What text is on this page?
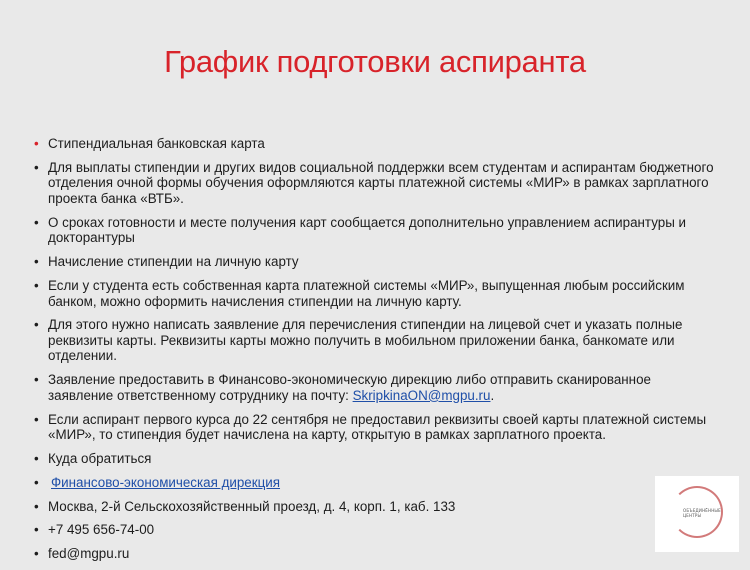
График подготовки аспиранта
• Стипендиальная банковская карта
• Для выплаты стипендии и других видов социальной поддержки всем студентам и аспирантам бюджетного отделения очной формы обучения оформляются карты платежной системы «МИР» в рамках зарплатного проекта банка «ВТБ».
• О сроках готовности и месте получения карт сообщается дополнительно управлением аспирантуры и докторантуры
• Начисление стипендии на личную карту
• Если у студента есть собственная карта платежной системы «МИР», выпущенная любым российским банком, можно оформить начисления стипендии на личную карту.
• Для этого нужно написать заявление для перечисления стипендии на лицевой счет и указать полные реквизиты карты. Реквизиты карты можно получить в мобильном приложении банка, банкомате или отделении.
• Заявление предоставить в Финансово-экономическую дирекцию либо отправить сканированное заявление ответственному сотруднику на почту: SkripkinaON@mgpu.ru.
• Если аспирант первого курса до 22 сентября не предоставил реквизиты своей карты платежной системы «МИР», то стипендия будет начислена на карту, открытую в рамках зарплатного проекта.
• Куда обратиться
• Финансово-экономическая дирекция
• Москва, 2-й Сельскохозяйственный проезд, д. 4, корп. 1, каб. 133
• +7 495 656-74-00
• fed@mgpu.ru
ОБЪЕДИНЁННЫЕ ЦЕНТРЫ
